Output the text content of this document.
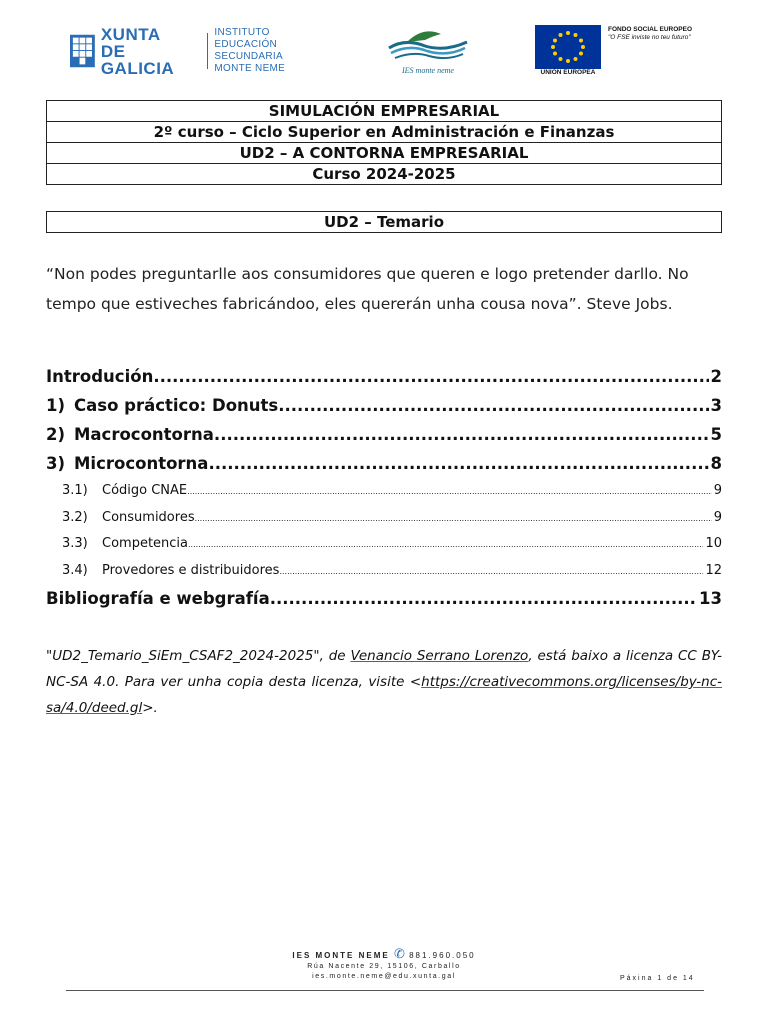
XUNTA
DE GALICIA
INSTITUTO EDUCACIÓN
SECUNDARIA
MONTE NEME	IES monte neme	UNIÓN EUROPEA
FONDO SOCIAL EUROPEO
"O FSE inviste no teu futuro"
SIMULACIÓN EMPRESARIAL
2º curso – Ciclo Superior en Administración e Finanzas
UD2 – A CONTORNA EMPRESARIAL
Curso 2024-2025
UD2 – Temario
“Non podes preguntarlle aos consumidores que queren e logo pretender darllo. No tempo que estiveches fabricándoo, eles quererán unha cousa nova”. Steve Jobs.
Introdución .....	2
1) Caso práctico: Donuts .....	3
2) Macrocontorna .....	5
3) Microcontorna .....	8
3.1)	Código CNAE .....	9
3.2)	Consumidores .....	9
3.3)	Competencia .....	10
3.4)	Provedores e distribuidores .....	12
Bibliografía e webgrafía .....	13
"UD2_Temario_SiEm_CSAF2_2024-2025", de Venancio Serrano Lorenzo, está baixo a licenza CC BY-NC-SA 4.0. Para ver unha copia desta licenza, visite <https://creativecommons.org/licenses/by-nc-sa/4.0/deed.gl>.
IES MONTE NEME ✆ 881.960.050
Rúa Nacente 29, 15106, Carballo
ies.monte.neme@edu.xunta.gal	Páxina 1 de 14
